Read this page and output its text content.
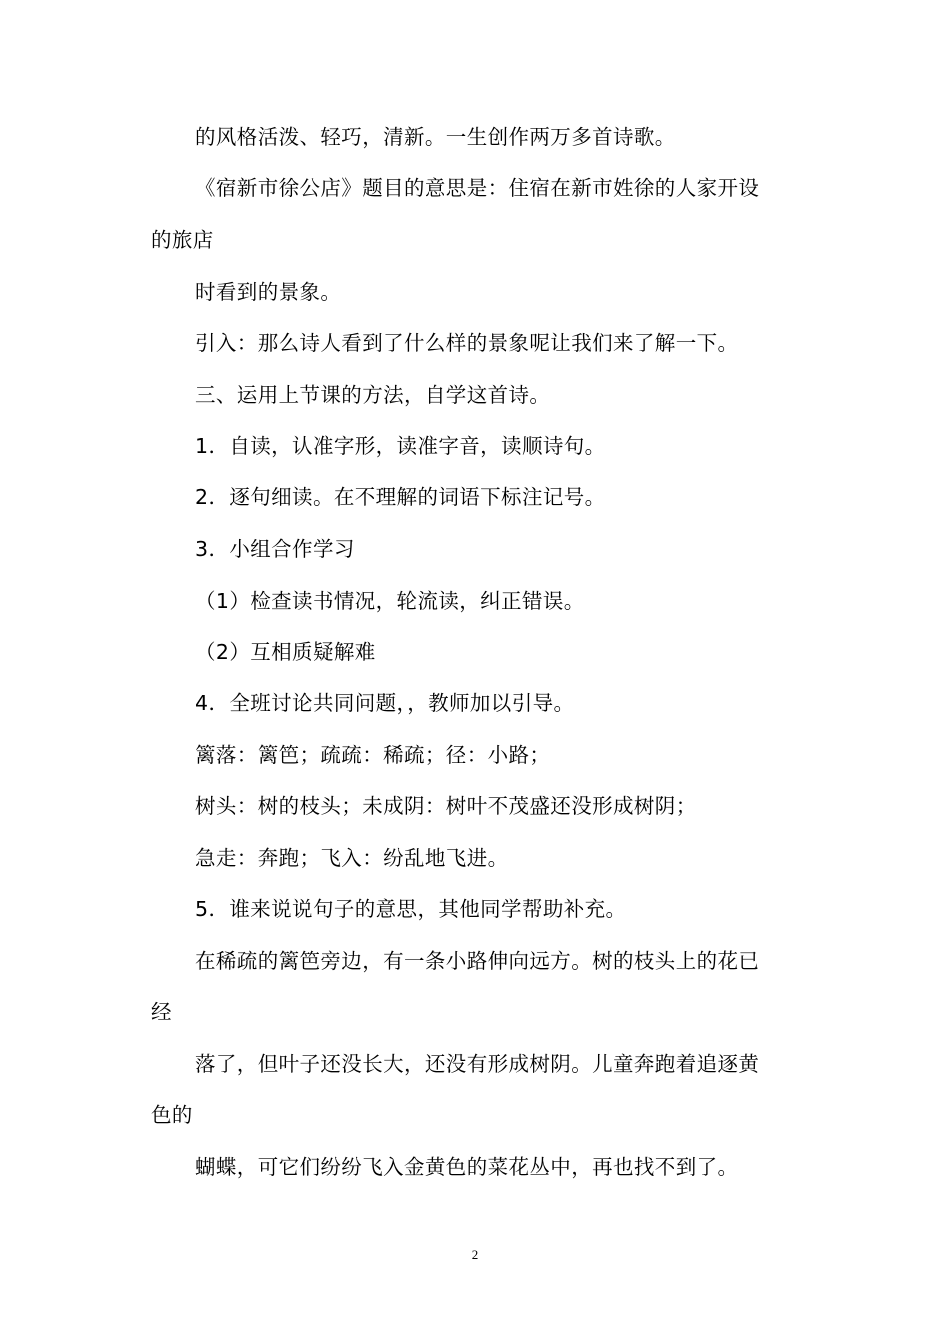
的风格活泼、轻巧，清新。一生创作两万多首诗歌。
《宿新市徐公店》题目的意思是：住宿在新市姓徐的人家开设
的旅店
时看到的景象。
引入：那么诗人看到了什么样的景象呢让我们来了解一下。
三、运用上节课的方法，自学这首诗。
1．自读，认准字形，读准字音，读顺诗句。
2．逐句细读。在不理解的词语下标注记号。
3．小组合作学习
（1）检查读书情况，轮流读，纠正错误。
（2）互相质疑解难
4．全班讨论共同问题，，教师加以引导。
篱落：篱笆；疏疏：稀疏；径：小路；
树头：树的枝头；未成阴：树叶不茂盛还没形成树阴；
急走：奔跑；飞入：纷乱地飞进。
5．谁来说说句子的意思，其他同学帮助补充。
在稀疏的篱笆旁边，有一条小路伸向远方。树的枝头上的花已
经
落了，但叶子还没长大，还没有形成树阴。儿童奔跑着追逐黄
色的
蝴蝶，可它们纷纷飞入金黄色的菜花丛中，再也找不到了。
2
